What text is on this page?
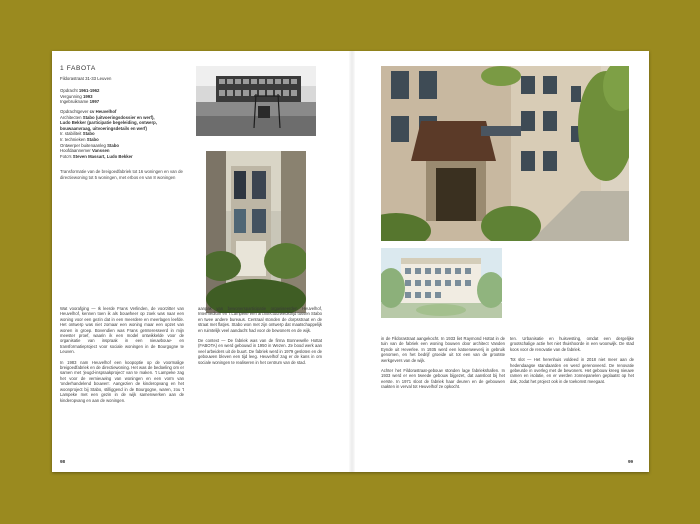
1 FABOTA
Fildorastraat 31-33 Leuven
Opdracht 1961-1962
Vergunning 1993
Ingebruikname 1997
Opdrachtgever cv Heuvelhof
Architecten Stabo (uitvoeringsdossier en werf),
Ludo Bekker (participatie begeleiding, ontwerp, bouwaanvraag, uitvoeringsdetails en werf)
Ir. stabiliteit Stabo
Ir. technieken Stabo
Ontwerper buitenaanleg Stabo
Hoofdaannemer Vanssen
Foto's Steven Massart, Ludo Bekker
Transformatie van de breigoedfabriek tot 16 woningen en van de directiewoning tot 5 woningen, met erbos en van 8 woningen

Wat voorafging — Ik leerde Frans Verlinden, de voorzitter van Heuvelhof, kennen toen ik als bouwheer op zoek was naar een woning voor een gezin dat in een meerdere en meerlagen leefde. Het ontwerp was niet zomaar een woning maar een opzet van wonen in groep. Bovendien was Frans geïnteresseerd in mijn meester proef, waarin ik een model ontwikkelde voor de organisatie van inspraak in een nieuwbouw- en transformatieproject voor sociale woningen in de Bourgogne te Leuven.

In 1983 nam Heuvelhof een koopoptie op de voormalige breigoedfabriek en de directiewoning. Het was de bedoeling om er samen met 'jeugd-inspraakproject' van te maken. 't Lampeke zag het voor de vernieuwing van woningen en een vorm van 'onderhandelend bouwen'. Aangezien de kinderopvang en het woonproject bij Stabo, stilliggend in de Bourgogne, waren, zou 't Lampeke met een gezin in de wijk samenwerken aan de kinderopvang en aan de woningen.

aanpak van bewonersparticipatie organiseerden Heuvelhof, Intermedium en 't Lampeke een architectuurwedstrijd tussen Stabo en twee andere bureaus. Centraal stonden de dorpsstraat en de straat met flatjes. Stabo won met zijn ontwerp dat maatschappelijk en ruimtelijk veel aandacht had voor de bewoners en de wijk.

De context — De fabriek was van de firma Bonnewelle Hottat (FABOTA) en werd gebouwd in 1950 in Wezen. Ze bood werk aan veel arbeiders uit de buurt. De fabriek werd in 1979 gesloten en de gebouwen bleven een tijd leeg. Heuvelhof zag er de kans in om sociale woningen te realiseren in het centrum van de stad.

98

in de Fildorastraat aangekocht. In 1933 liet Raymond Hottat in de tuin van de fabriek een woning bouwen door architect Vanden Eynde uit Heverlee. In 1935 werd een katoenweverij in gebruik genomen, en het bedrijf groeide uit tot een van de grootste werkgevers van de wijk.

Achter het Fildorastraat-gebouw stonden lage fabriekshallen. In 1933 werd er een tweede gebouw bijgezet, dat aansloot bij het eerste. In 1971 sloot de fabriek haar deuren en de gebouwen raakten in verval tot Heuvelhof ze opkocht.

ten. Urbanisatie en huisvesting, omdat een dergelijke grootschalige actie het niet thuishoorde in een woonwijk. De stad koos voor de renovatie van de fabriek.

Tot slot — Het herenhuis voldeed in 2018 niet meer aan de hedendaagse standaarden en werd gerenoveerd. De renovatie gebeurde in overleg met de bewoners. Het gebouw kreeg nieuwe ramen en isolatie, en er werden zonnepanelen geplaatst op het dak, zodat het project ook in de toekomst meegaat.

99
